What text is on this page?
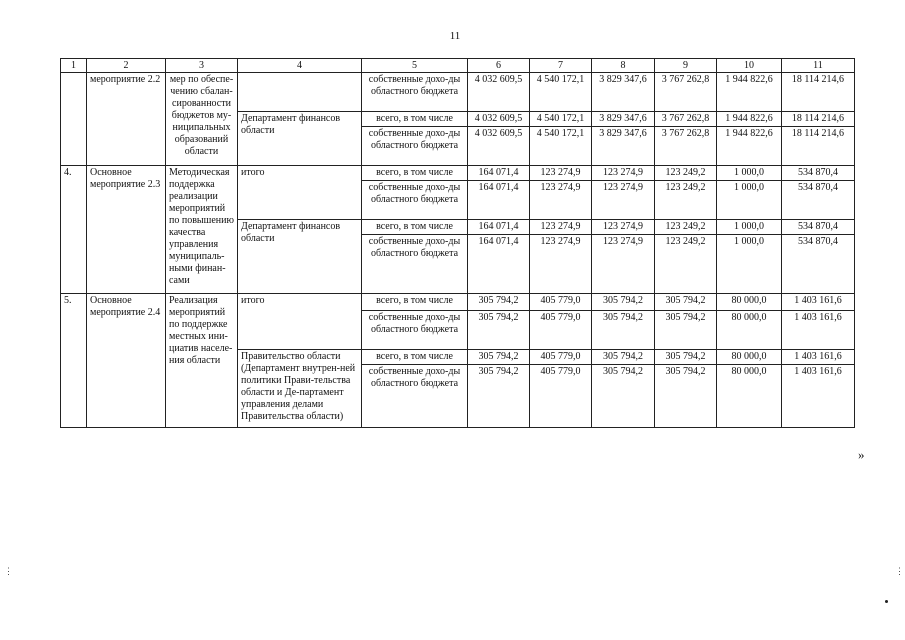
11
1	2	3	4	5	6	7	8	9	10	11
	мероприятие 2.2	мер по обеспе-чению сбалан-сированности бюджетов му-ниципальных образований области		собственные дохо-ды областного бюджета	4 032 609,5	4 540 172,1	3 829 347,6	3 767 262,8	1 944 822,6	18 114 214,6
			Департамент финансов области	всего, в том числе	4 032 609,5	4 540 172,1	3 829 347,6	3 767 262,8	1 944 822,6	18 114 214,6
				собственные дохо-ды областного бюджета	4 032 609,5	4 540 172,1	3 829 347,6	3 767 262,8	1 944 822,6	18 114 214,6
4.	Основное мероприятие 2.3	Методическая поддержка реализации мероприятий по повышению качества управления муниципаль-ными финан-сами	итого	всего, в том числе	164 071,4	123 274,9	123 274,9	123 249,2	1 000,0	534 870,4
				собственные дохо-ды областного бюджета	164 071,4	123 274,9	123 274,9	123 249,2	1 000,0	534 870,4
			Департамент финансов области	всего, в том числе	164 071,4	123 274,9	123 274,9	123 249,2	1 000,0	534 870,4
				собственные дохо-ды областного бюджета	164 071,4	123 274,9	123 274,9	123 249,2	1 000,0	534 870,4
5.	Основное мероприятие 2.4	Реализация мероприятий по поддержке местных ини-циатив населе-ния области	итого	всего, в том числе	305 794,2	405 779,0	305 794,2	305 794,2	80 000,0	1 403 161,6
				собственные дохо-ды областного бюджета	305 794,2	405 779,0	305 794,2	305 794,2	80 000,0	1 403 161,6
			Правительство области (Департамент внутрен-ней политики Прави-тельства области и Де-партамент управления делами Правительства области)	всего, в том числе	305 794,2	405 779,0	305 794,2	305 794,2	80 000,0	1 403 161,6
				собственные дохо-ды областного бюджета	305 794,2	405 779,0	305 794,2	305 794,2	80 000,0	1 403 161,6
»
⋮	⋮
